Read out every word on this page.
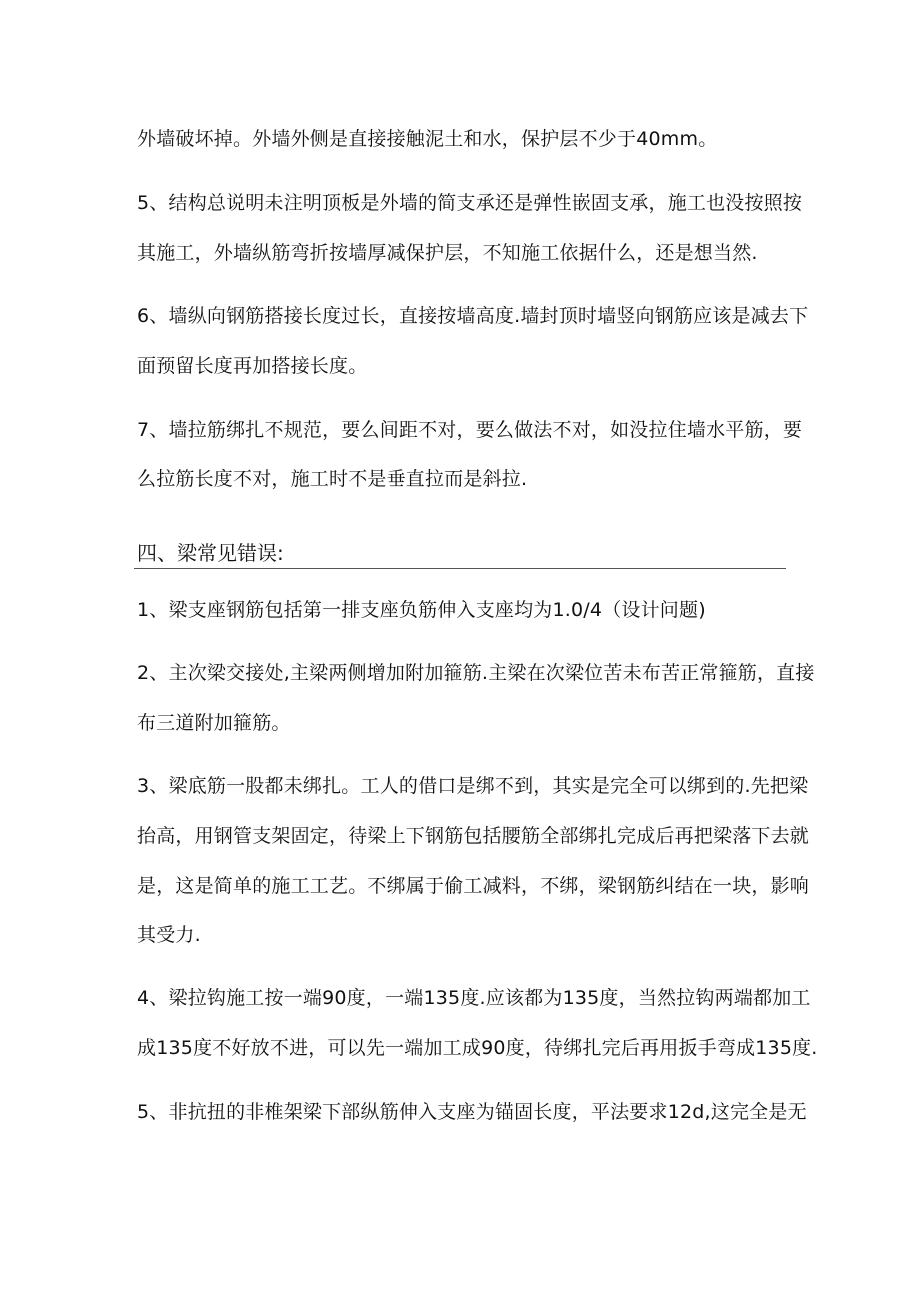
外墙破坏掉。外墙外侧是直接接触泥土和水，保护层不少于40mm。
5、结构总说明未注明顶板是外墙的简支承还是弹性嵌固支承，施工也没按照按
其施工，外墙纵筋弯折按墙厚减保护层，不知施工依据什么，还是想当然.
6、墙纵向钢筋搭接长度过长，直接按墙高度.墙封顶时墙竖向钢筋应该是减去下
面预留长度再加搭接长度。
7、墙拉筋绑扎不规范，要么间距不对，要么做法不对，如没拉住墙水平筋，要
么拉筋长度不对，施工时不是垂直拉而是斜拉.
四、梁常见错误:
1、梁支座钢筋包括第一排支座负筋伸入支座均为1.0/4（设计问题)
2、主次梁交接处,主梁两侧增加附加箍筋.主梁在次梁位苦未布苦正常箍筋，直接
布三道附加箍筋。
3、梁底筋一股都未绑扎。工人的借口是绑不到，其实是完全可以绑到的.先把梁
抬高，用钢管支架固定，待梁上下钢筋包括腰筋全部绑扎完成后再把梁落下去就
是，这是简单的施工工艺。不绑属于偷工减料，不绑，梁钢筋纠结在一块，影响
其受力.
4、梁拉钩施工按一端90度，一端135度.应该都为135度，当然拉钩两端都加工
成135度不好放不进，可以先一端加工成90度，待绑扎完后再用扳手弯成135度.
5、非抗扭的非椎架梁下部纵筋伸入支座为锚固长度，平法要求12d,这完全是无
